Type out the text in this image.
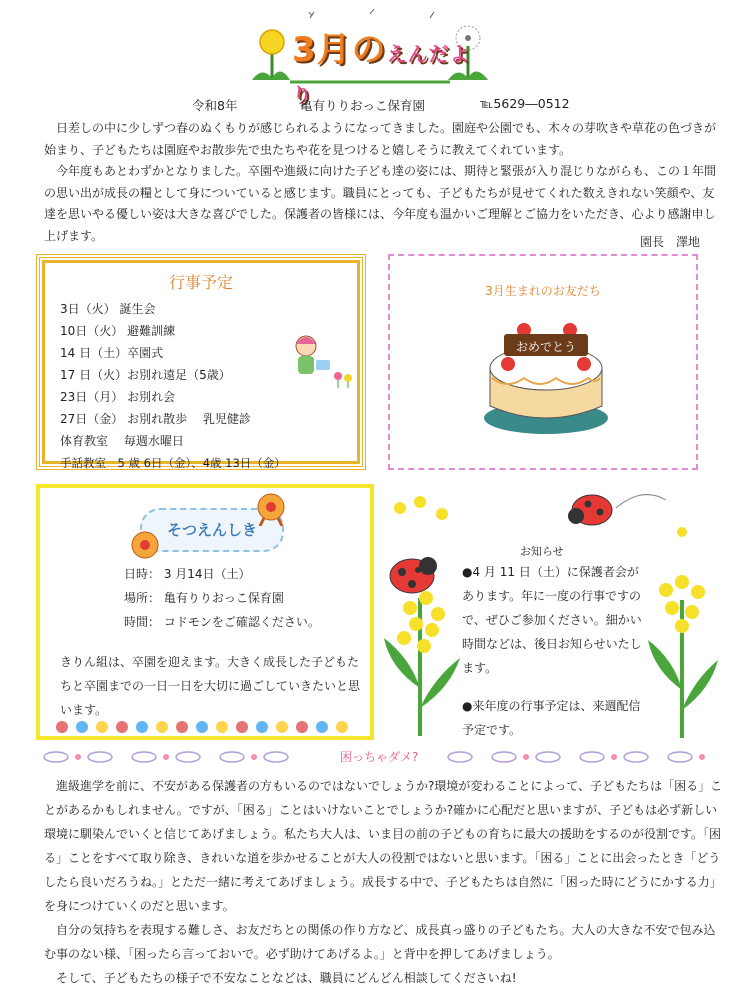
3月のえんだより
令和8年	亀有りりおっこ保育園	℡5629―0512
日差しの中に少しずつ春のぬくもりが感じられるようになってきました。園庭や公園でも、木々の芽吹きや草花の色づきが始まり、子どもたちは園庭やお散歩先で虫たちや花を見つけると嬉しそうに教えてくれています。
今年度もあとわずかとなりました。卒園や進級に向けた子ども達の姿には、期待と緊張が入り混じりながらも、この１年間の思い出が成長の糧として身についていると感じます。職員にとっても、子どもたちが見せてくれた数えきれない笑顔や、友達を思いやる優しい姿は大きな喜びでした。保護者の皆様には、今年度も温かいご理解とご協力をいただき、心より感謝申し上げます。	園長　澤地
行事予定
3日（火） 誕生会
10日（火） 避難訓練
14 日（土）卒園式
17 日（火）お別れ遠足（5歳）
23日（月） お別れ会
27日（金） お別れ散歩　 乳児健診
体育教室　 毎週水曜日
手話教室　5 歳 6日（金）、4歳 13日（金）
3月生まれのお友だち
おめでとう
そつえんしき
日時： 3 月14日（土）
場所： 亀有りりおっこ保育園
時間： コドモンをご確認ください。
きりん組は、卒園を迎えます。大きく成長した子どもたちと卒園までの一日一日を大切に過ごしていきたいと思います。
お知らせ
●4 月 11 日（土）に保護者会があります。年に一度の行事ですので、ぜひご参加ください。細かい時間などは、後日お知らせいたします。
●来年度の行事予定は、来週配信予定です。
困っちゃダメ?
進級進学を前に、不安がある保護者の方もいるのではないでしょうか?環境が変わることによって、子どもたちは「困る」ことがあるかもしれません。ですが、「困る」ことはいけないことでしょうか?確かに心配だと思いますが、子どもは必ず新しい環境に馴染んでいくと信じてあげましょう。私たち大人は、いま目の前の子どもの育ちに最大の援助をするのが役割です。「困る」ことをすべて取り除き、きれいな道を歩かせることが大人の役割ではないと思います。「困る」ことに出会ったとき「どうしたら良いだろうね。」とただ一緒に考えてあげましょう。成長する中で、子どもたちは自然に「困った時にどうにかする力」を身につけていくのだと思います。
自分の気持ちを表現する難しさ、お友だちとの関係の作り方など、成長真っ盛りの子どもたち。大人の大きな不安で包み込む事のない様、「困ったら言っておいで。必ず助けてあげるよ。」と背中を押してあげましょう。
そして、子どもたちの様子で不安なことなどは、職員にどんどん相談してくださいね!
